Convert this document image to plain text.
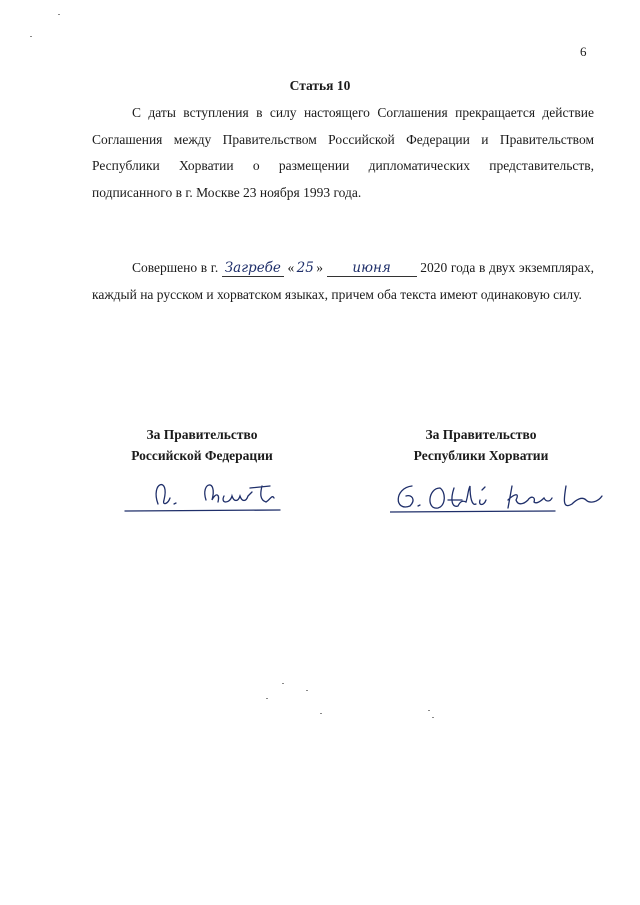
6
Статья 10
С даты вступления в силу настоящего Соглашения прекращается действие Соглашения между Правительством Российской Федерации и Правительством Республики Хорватии о размещении дипломатических представительств, подписанного в г. Москве 23 ноября 1993 года.
Совершено в г. Загребе « 25 » июня 2020 года в двух экземплярах, каждый на русском и хорватском языках, причем оба текста имеют одинаковую силу.
За Правительство
Российской Федерации
За Правительство
Республики Хорватии
